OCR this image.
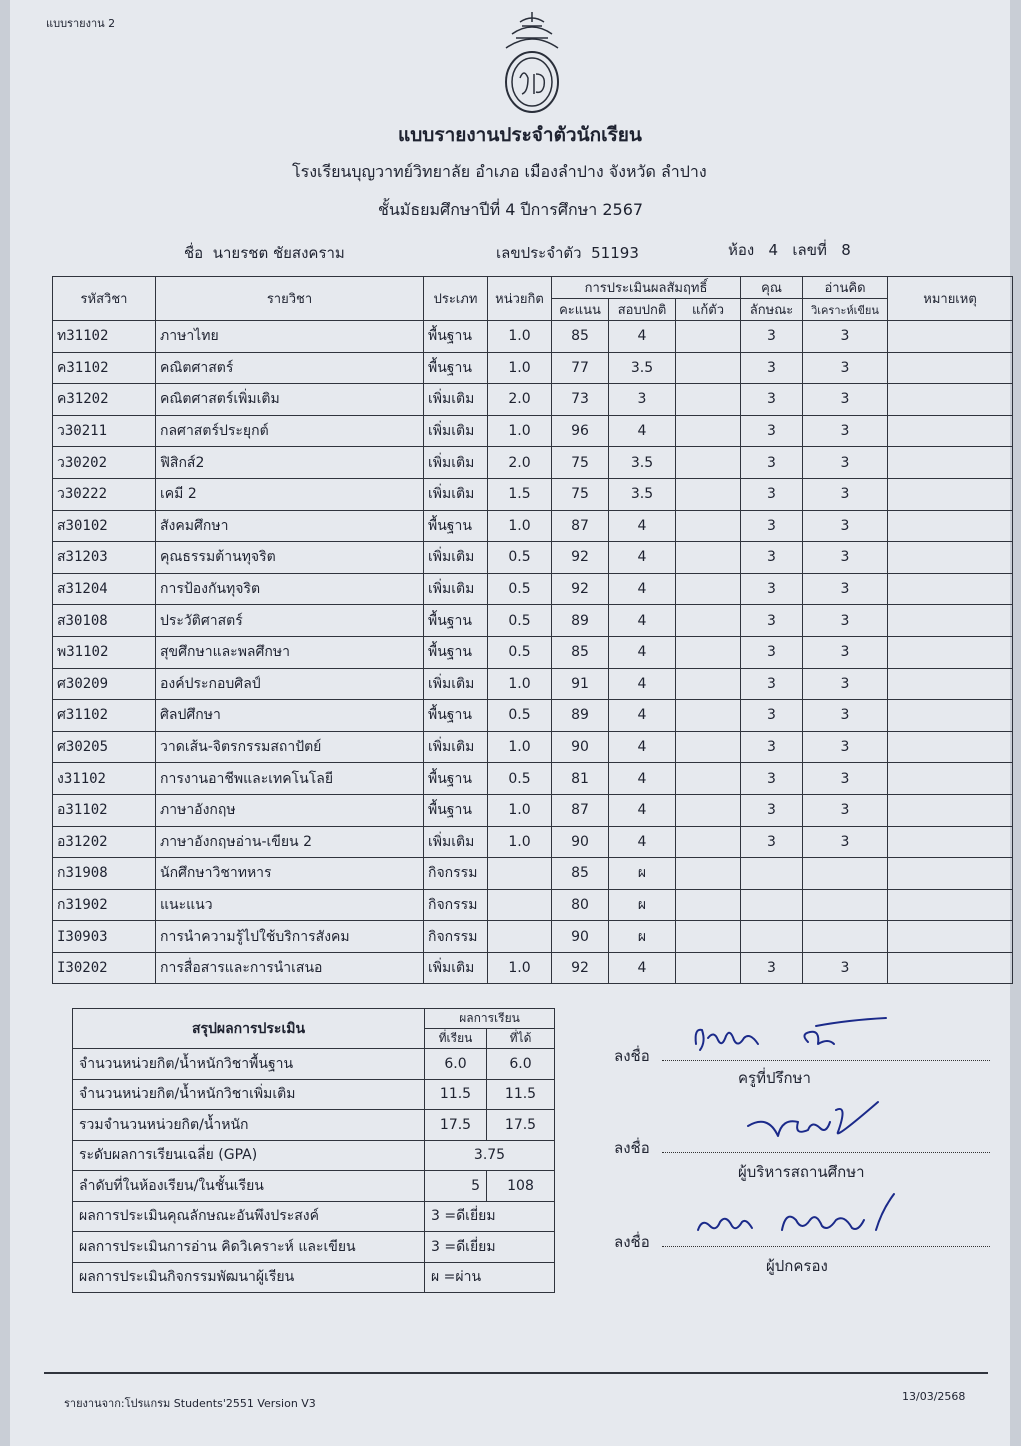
แบบรายงาน 2
แบบรายงานประจำตัวนักเรียน
โรงเรียนบุญวาทย์วิทยาลัย อำเภอ เมืองลำปาง จังหวัด ลำปาง
ชั้นมัธยมศึกษาปีที่ 4 ปีการศึกษา 2567
ชื่อ นายรชต ชัยสงคราม	เลขประจำตัว 51193	ห้อง 4 เลขที่ 8
รหัสวิชา	รายวิชา	ประเภท	หน่วยกิต	การประเมินผลสัมฤทธิ์			คุณ	อ่านคิด	หมายเหตุ
				คะแนน	สอบปกติ	แก้ตัว	ลักษณะ	วิเคราะห์เขียน	
ท31102	ภาษาไทย	พื้นฐาน	1.0	85	4		3	3	
ค31102	คณิตศาสตร์	พื้นฐาน	1.0	77	3.5		3	3	
ค31202	คณิตศาสตร์เพิ่มเติม	เพิ่มเติม	2.0	73	3		3	3	
ว30211	กลศาสตร์ประยุกต์	เพิ่มเติม	1.0	96	4		3	3	
ว30202	ฟิสิกส์2	เพิ่มเติม	2.0	75	3.5		3	3	
ว30222	เคมี 2	เพิ่มเติม	1.5	75	3.5		3	3	
ส30102	สังคมศึกษา	พื้นฐาน	1.0	87	4		3	3	
ส31203	คุณธรรมต้านทุจริต	เพิ่มเติม	0.5	92	4		3	3	
ส31204	การป้องกันทุจริต	เพิ่มเติม	0.5	92	4		3	3	
ส30108	ประวัติศาสตร์	พื้นฐาน	0.5	89	4		3	3	
พ31102	สุขศึกษาและพลศึกษา	พื้นฐาน	0.5	85	4		3	3	
ศ30209	องค์ประกอบศิลป์	เพิ่มเติม	1.0	91	4		3	3	
ศ31102	ศิลปศึกษา	พื้นฐาน	0.5	89	4		3	3	
ศ30205	วาดเส้น-จิตรกรรมสถาปัตย์	เพิ่มเติม	1.0	90	4		3	3	
ง31102	การงานอาชีพและเทคโนโลยี	พื้นฐาน	0.5	81	4		3	3	
อ31102	ภาษาอังกฤษ	พื้นฐาน	1.0	87	4		3	3	
อ31202	ภาษาอังกฤษอ่าน-เขียน 2	เพิ่มเติม	1.0	90	4		3	3	
ก31908	นักศึกษาวิชาทหาร	กิจกรรม		85	ผ				
ก31902	แนะแนว	กิจกรรม		80	ผ				
I30903	การนำความรู้ไปใช้บริการสังคม	กิจกรรม		90	ผ				
I30202	การสื่อสารและการนำเสนอ	เพิ่มเติม	1.0	92	4		3	3	
สรุปผลการประเมิน	ผลการเรียน	
	ที่เรียน	ที่ได้
จำนวนหน่วยกิต/น้ำหนักวิชาพื้นฐาน	6.0	6.0
จำนวนหน่วยกิต/น้ำหนักวิชาเพิ่มเติม	11.5	11.5
รวมจำนวนหน่วยกิต/น้ำหนัก	17.5	17.5
ระดับผลการเรียนเฉลี่ย (GPA)	3.75	
ลำดับที่ในห้องเรียน/ในชั้นเรียน	5	108
ผลการประเมินคุณลักษณะอันพึงประสงค์	3 =ดีเยี่ยม	
ผลการประเมินการอ่าน คิดวิเคราะห์ และเขียน	3 =ดีเยี่ยม	
ผลการประเมินกิจกรรมพัฒนาผู้เรียน	ผ =ผ่าน	
ลงชื่อ
ครูที่ปรึกษา
ลงชื่อ
ผู้บริหารสถานศึกษา
ลงชื่อ
ผู้ปกครอง
รายงานจาก:โปรแกรม Students'2551 Version V3
13/03/2568
